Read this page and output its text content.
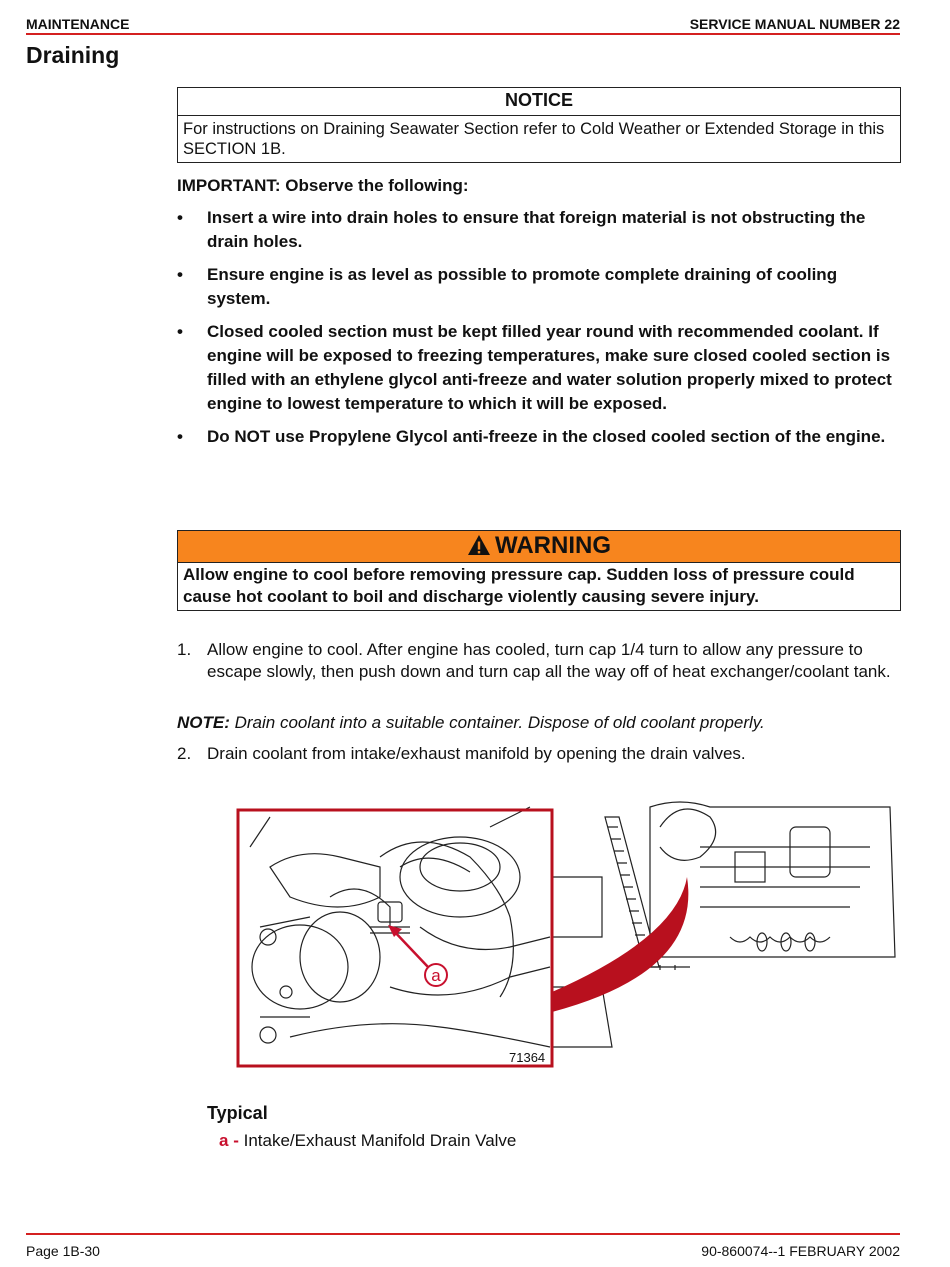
MAINTENANCE	SERVICE MANUAL NUMBER 22
Draining
NOTICE
For instructions on Draining Seawater Section refer to Cold Weather or Extended Storage in this SECTION 1B.
IMPORTANT: Observe the following:
• Insert a wire into drain holes to ensure that foreign material is not obstructing the drain holes.
• Ensure engine is as level as possible to promote complete draining of cooling system.
• Closed cooled section must be kept filled year round with recommended coolant. If engine will be exposed to freezing temperatures, make sure closed cooled section is filled with an ethylene glycol anti-freeze and water solution properly mixed to protect engine to lowest temperature to which it will be exposed.
• Do NOT use Propylene Glycol anti-freeze in the closed cooled section of the engine.
WARNING
Allow engine to cool before removing pressure cap. Sudden loss of pressure could cause hot coolant to boil and discharge violently causing severe injury.
1. Allow engine to cool. After engine has cooled, turn cap 1/4 turn to allow any pressure to escape slowly, then push down and turn cap all the way off of heat exchanger/coolant tank.
NOTE: Drain coolant into a suitable container. Dispose of old coolant properly.
2. Drain coolant from intake/exhaust manifold by opening the drain valves.
a
71364
Typical
a - Intake/Exhaust Manifold Drain Valve
Page 1B-30	90-860074--1 FEBRUARY 2002
